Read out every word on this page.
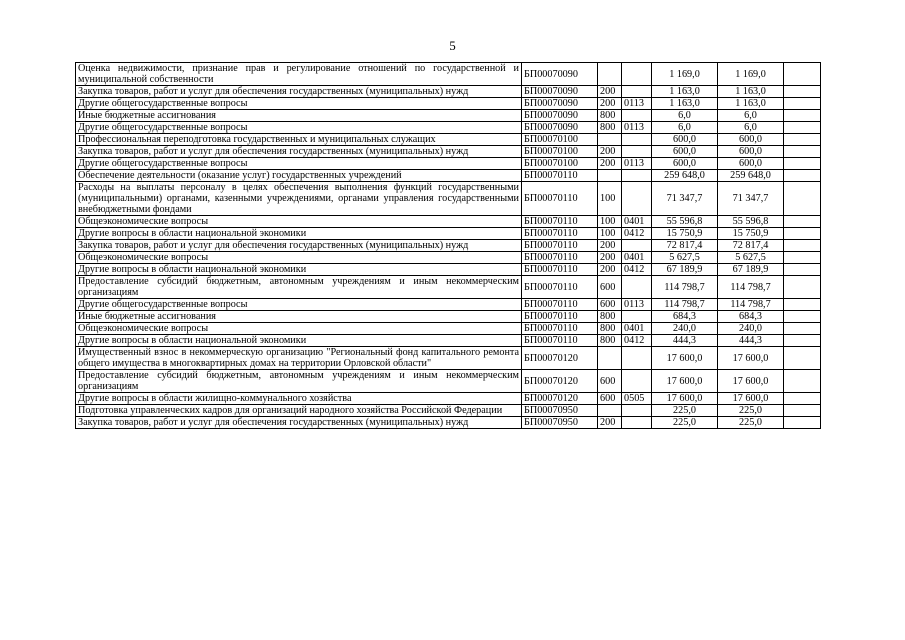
5
Оценка недвижимости, признание прав и регулирование отношений по государственной и муниципальной собственности	БП00070090			1 169,0	1 169,0	
Закупка товаров, работ и услуг для обеспечения государственных (муниципальных) нужд	БП00070090	200		1 163,0	1 163,0	
Другие общегосударственные вопросы	БП00070090	200	0113	1 163,0	1 163,0	
Иные бюджетные ассигнования	БП00070090	800		6,0	6,0	
Другие общегосударственные вопросы	БП00070090	800	0113	6,0	6,0	
Профессиональная переподготовка государственных и муниципальных служащих	БП00070100			600,0	600,0	
Закупка товаров, работ и услуг для обеспечения государственных (муниципальных) нужд	БП00070100	200		600,0	600,0	
Другие общегосударственные вопросы	БП00070100	200	0113	600,0	600,0	
Обеспечение деятельности (оказание услуг) государственных учреждений	БП00070110			259 648,0	259 648,0	
Расходы на выплаты персоналу в целях обеспечения выполнения функций государственными (муниципальными) органами, казенными учреждениями, органами управления государственными внебюджетными фондами	БП00070110	100		71 347,7	71 347,7	
Общеэкономические вопросы	БП00070110	100	0401	55 596,8	55 596,8	
Другие вопросы в области национальной экономики	БП00070110	100	0412	15 750,9	15 750,9	
Закупка товаров, работ и услуг для обеспечения государственных (муниципальных) нужд	БП00070110	200		72 817,4	72 817,4	
Общеэкономические вопросы	БП00070110	200	0401	5 627,5	5 627,5	
Другие вопросы в области национальной экономики	БП00070110	200	0412	67 189,9	67 189,9	
Предоставление субсидий бюджетным, автономным учреждениям и иным некоммерческим организациям	БП00070110	600		114 798,7	114 798,7	
Другие общегосударственные вопросы	БП00070110	600	0113	114 798,7	114 798,7	
Иные бюджетные ассигнования	БП00070110	800		684,3	684,3	
Общеэкономические вопросы	БП00070110	800	0401	240,0	240,0	
Другие вопросы в области национальной экономики	БП00070110	800	0412	444,3	444,3	
Имущественный взнос в некоммерческую организацию "Региональный фонд капитального ремонта общего имущества в многоквартирных домах на территории Орловской области"	БП00070120			17 600,0	17 600,0	
Предоставление субсидий бюджетным, автономным учреждениям и иным некоммерческим организациям	БП00070120	600		17 600,0	17 600,0	
Другие вопросы в области жилищно-коммунального хозяйства	БП00070120	600	0505	17 600,0	17 600,0	
Подготовка управленческих кадров для организаций народного хозяйства Российской Федерации	БП00070950			225,0	225,0	
Закупка товаров, работ и услуг для обеспечения государственных (муниципальных) нужд	БП00070950	200		225,0	225,0	
